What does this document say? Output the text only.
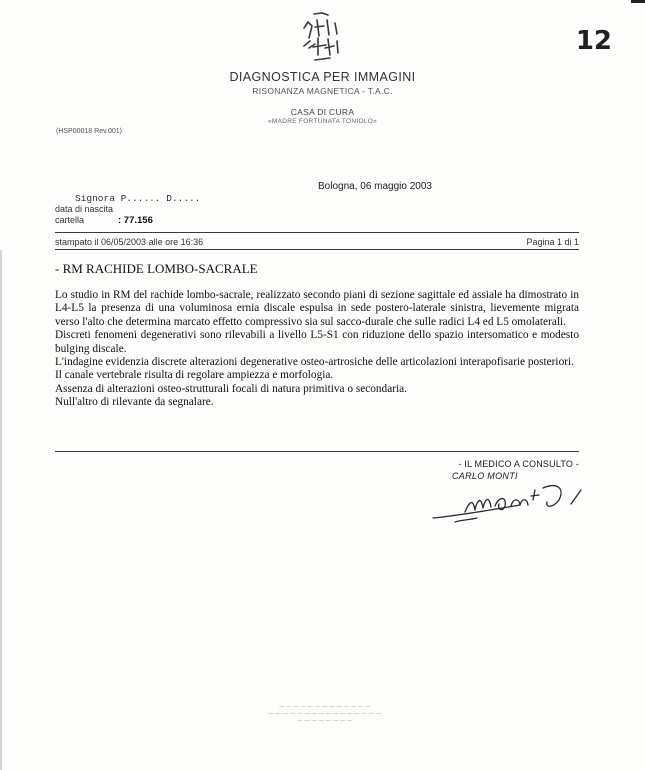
DIAGNOSTICA PER IMMAGINI
RISONANZA MAGNETICA - T.A.C.
CASA DI CURA
«MADRE FORTUNATA TONIOLO»
12
(HSP00018 Rev.001)
Bologna, 06 maggio 2003
Signora P...... D.....
data di nascita
cartella	: 77.156
stampato il 06/05/2003 alle ore 16:36	Pagina 1 di 1
- RM RACHIDE LOMBO-SACRALE

Lo studio in RM del rachide lombo-sacrale, realizzato secondo piani di sezione sagittale ed assiale ha dimostrato in L4-L5 la presenza di una voluminosa ernia discale espulsa in sede postero-laterale sinistra, lievemente migrata verso l'alto che determina marcato effetto compressivo sia sul sacco-durale che sulle radici L4 ed L5 omolaterali.

Discreti fenomeni degenerativi sono rilevabili a livello L5-S1 con riduzione dello spazio intersomatico e modesto bulging discale.

L'indagine evidenzia discrete alterazioni degenerative osteo-artrosiche delle articolazioni interapofisarie posteriori.

Il canale vertebrale risulta di regolare ampiezza e morfologia.

Assenza di alterazioni osteo-strutturali focali di natura primitiva o secondaria.

Null'altro di rilevante da segnalare.

- IL MEDICO A CONSULTO -
CARLO MONTI
— — — — — — — — — — — — —
— — — — — — — — — — — — — — — —
— — — — — — — —
